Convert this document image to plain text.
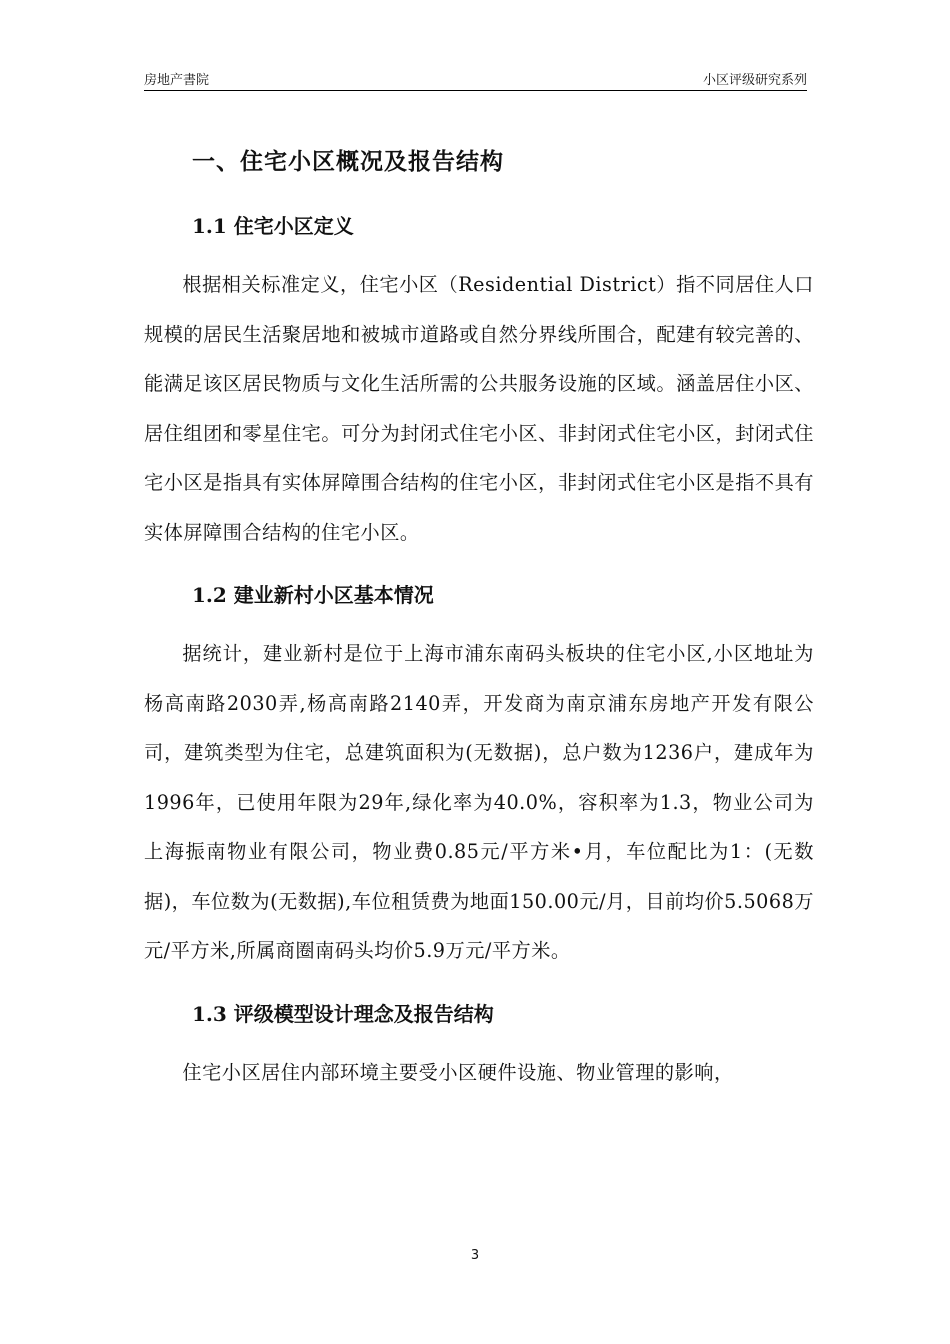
房地产書院	小区评级研究系列
一、住宅小区概况及报告结构
1.1 住宅小区定义

根据相关标准定义，住宅小区（Residential District）指不同居住人口规模的居民生活聚居地和被城市道路或自然分界线所围合，配建有较完善的、能满足该区居民物质与文化生活所需的公共服务设施的区域。涵盖居住小区、居住组团和零星住宅。可分为封闭式住宅小区、非封闭式住宅小区，封闭式住宅小区是指具有实体屏障围合结构的住宅小区，非封闭式住宅小区是指不具有实体屏障围合结构的住宅小区。

1.2 建业新村小区基本情况

据统计，建业新村是位于上海市浦东南码头板块的住宅小区,小区地址为杨高南路2030弄,杨高南路2140弄，开发商为南京浦东房地产开发有限公司，建筑类型为住宅，总建筑面积为(无数据)，总户数为1236户，建成年为1996年，已使用年限为29年,绿化率为40.0%，容积率为1.3，物业公司为上海振南物业有限公司，物业费0.85元/平方米•月，车位配比为1：(无数据)，车位数为(无数据),车位租赁费为地面150.00元/月，目前均价5.5068万元/平方米,所属商圈南码头均价5.9万元/平方米。

1.3 评级模型设计理念及报告结构

住宅小区居住内部环境主要受小区硬件设施、物业管理的影响，

3
